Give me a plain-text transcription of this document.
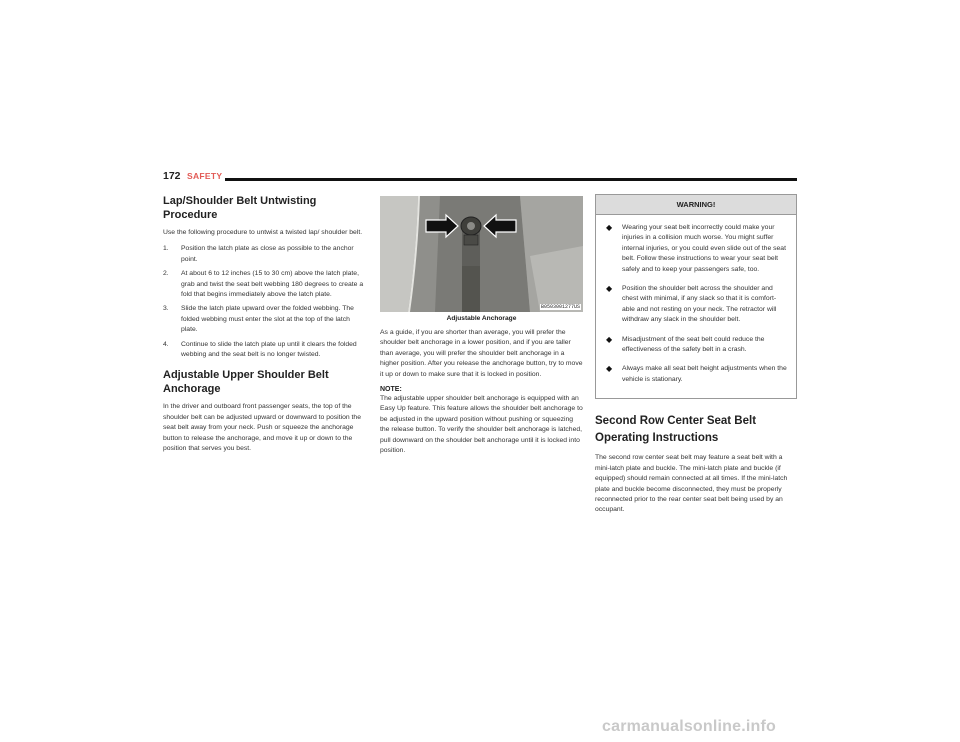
172 SAFETY
Lap/Shoulder Belt Untwisting Procedure

Use the following procedure to untwist a twisted lap/ shoulder belt.

1. Position the latch plate as close as possible to the anchor point.
2. At about 6 to 12 inches (15 to 30 cm) above the latch plate, grab and twist the seat belt webbing 180 degrees to create a fold that begins immediately above the latch plate.
3. Slide the latch plate upward over the folded webbing. The folded webbing must enter the slot at the top of the latch plate.
4. Continue to slide the latch plate up until it clears the folded webbing and the seat belt is no longer twisted.
Adjustable Upper Shoulder Belt Anchorage

In the driver and outboard front passenger seats, the top of the shoulder belt can be adjusted upward or downward to position the seat belt away from your neck. Push or squeeze the anchorage button to release the anchorage, and move it up or down to the position that serves you best.

B0503001277US
Adjustable Anchorage

As a guide, if you are shorter than average, you will prefer the shoulder belt anchorage in a lower position, and if you are taller than average, you will prefer the shoulder belt anchorage in a higher position. After you release the anchorage button, try to move it up or down to make sure that it is locked in position.

NOTE:

The adjustable upper shoulder belt anchorage is equipped with an Easy Up feature. This feature allows the shoulder belt anchorage to be adjusted in the upward position without pushing or squeezing the release button. To verify the shoulder belt anchorage is latched, pull downward on the shoulder belt anchorage until it is locked into position.

WARNING!
◆ Wearing your seat belt incorrectly could make your injuries in a collision much worse. You might suffer internal injuries, or you could even slide out of the seat belt. Follow these instructions to wear your seat belt safely and to keep your passengers safe, too.
◆ Position the shoulder belt across the shoulder and chest with minimal, if any slack so that it is comfort- able and not resting on your neck. The retractor will withdraw any slack in the shoulder belt.
◆ Misadjustment of the seat belt could reduce the effectiveness of the safety belt in a crash.
◆ Always make all seat belt height adjustments when the vehicle is stationary.
Second Row Center Seat Belt Operating Instructions

The second row center seat belt may feature a seat belt with a mini-latch plate and buckle. The mini-latch plate and buckle (if equipped) should remain connected at all times. If the mini-latch plate and buckle become disconnected, they must be properly reconnected prior to the rear center seat belt being used by an occupant.

carmanualsonline.info
